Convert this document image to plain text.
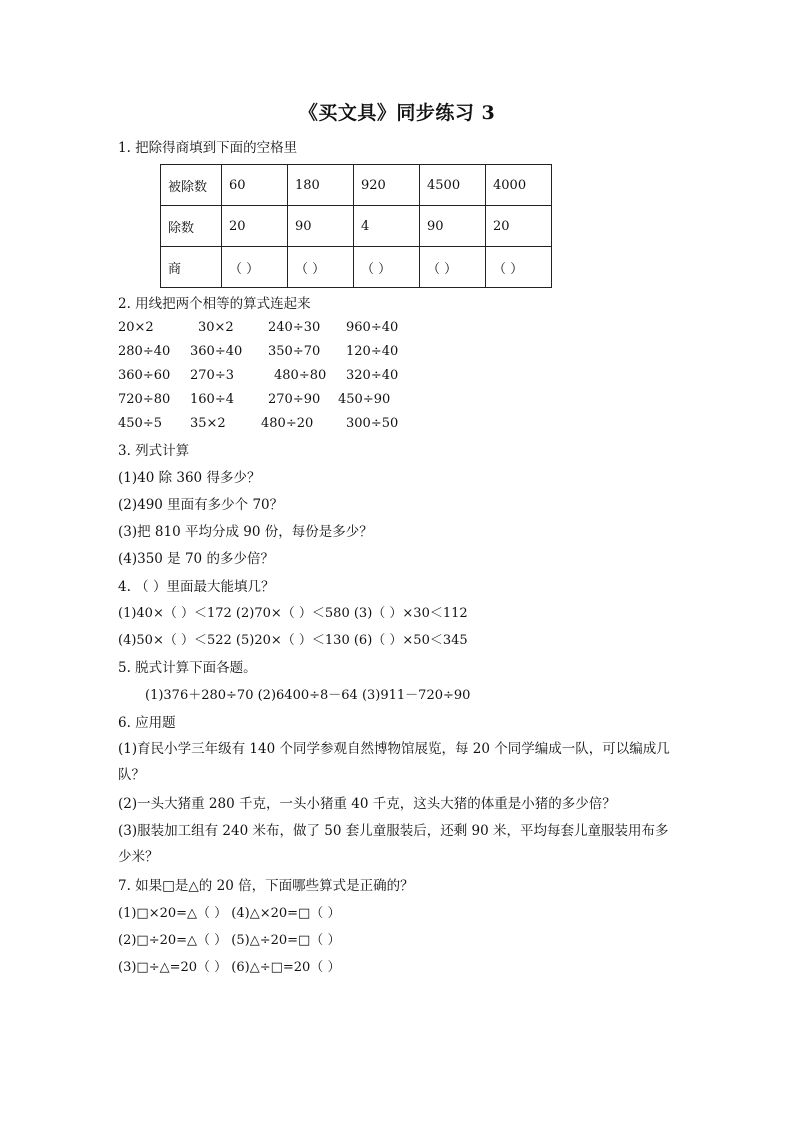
《买文具》同步练习 3
1. 把除得商填到下面的空格里
被除数	60	180	920	4500	4000
除数	20	90	4	90	20
商	（ ）	（ ）	（ ）	（ ）	（ ）
2. 用线把两个相等的算式连起来
20×2	30×2	240÷30 960÷40
280÷40 360÷40 350÷70 120÷40
360÷60 270÷3	480÷80 320÷40
720÷80 160÷4	270÷90 450÷90
450÷5 35×2	480÷20	300÷50
3. 列式计算
(1)40 除 360 得多少？
(2)490 里面有多少个 70？
(3)把 810 平均分成 90 份，每份是多少？
(4)350 是 70 的多少倍？
4. （ ）里面最大能填几？
(1)40×（ ）＜172 (2)70×（ ）＜580 (3)（ ）×30＜112
(4)50×（ ）＜522 (5)20×（ ）＜130 (6)（ ）×50＜345
5. 脱式计算下面各题。
(1)376＋280÷70 (2)6400÷8－64 (3)911－720÷90
6. 应用题
(1)育民小学三年级有 140 个同学参观自然博物馆展览，每 20 个同学编成一队，可以编成几队？
(2)一头大猪重 280 千克，一头小猪重 40 千克，这头大猪的体重是小猪的多少倍？
(3)服装加工组有 240 米布，做了 50 套儿童服装后，还剩 90 米，平均每套儿童服装用布多少米？
7. 如果□是△的 20 倍，下面哪些算式是正确的？
(1)□×20=△（ ） (4)△×20=□（ ）
(2)□÷20=△（ ） (5)△÷20=□（ ）
(3)□÷△=20（ ） (6)△÷□=20（ ）
